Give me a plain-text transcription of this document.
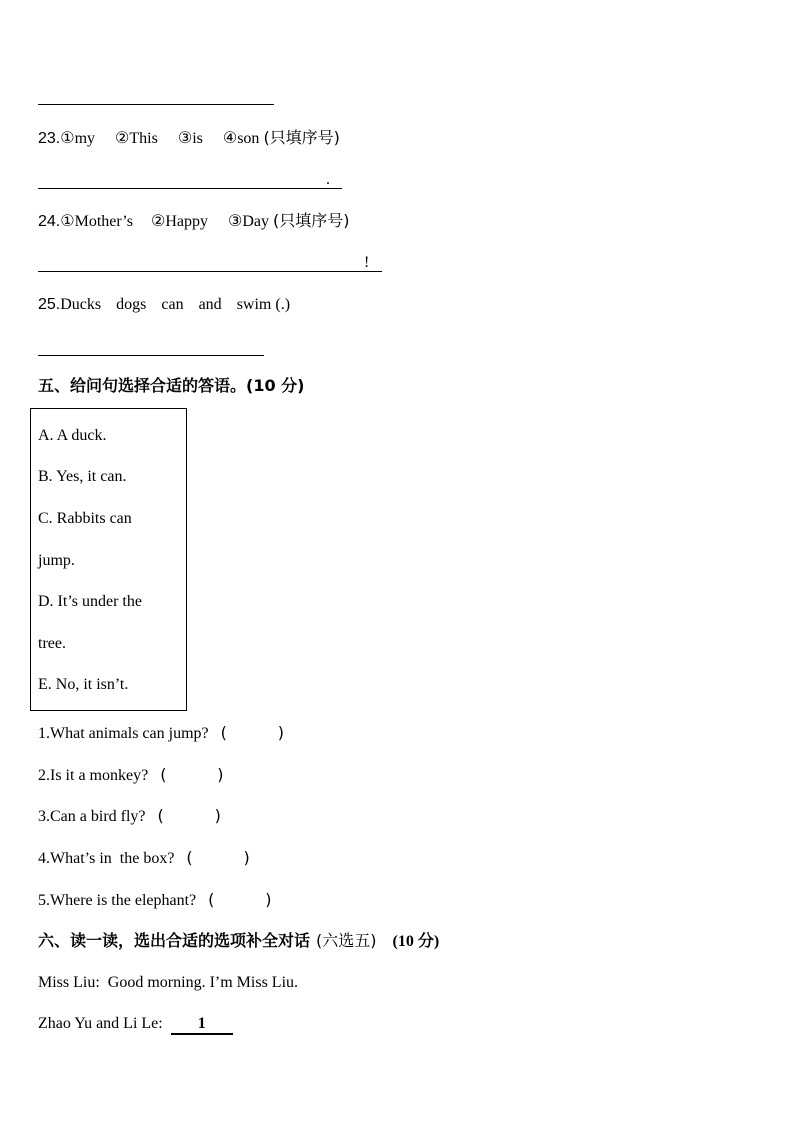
23.①my ②This ③is ④son (只填序号)
.
24.①Mother’s ②Happy ③Day (只填序号)
!
25.Ducks dogs can and swim (.)
五、给问句选择合适的答语。(10 分)
A. A duck.
B. Yes, it can.
C. Rabbits can
jump.
D. It’s under the
tree.
E. No, it isn’t.
1.What animals can jump? (          )
2.Is it a monkey? (          )
3.Can a bird fly? (          )
4.What’s in  the box? (          )
5.Where is the elephant? (          )
六、读一读，选出合适的选项补全对话 (六选五) (10 分)
Miss Liu:  Good morning. I’m Miss Liu.
Zhao Yu and Li Le: 1
